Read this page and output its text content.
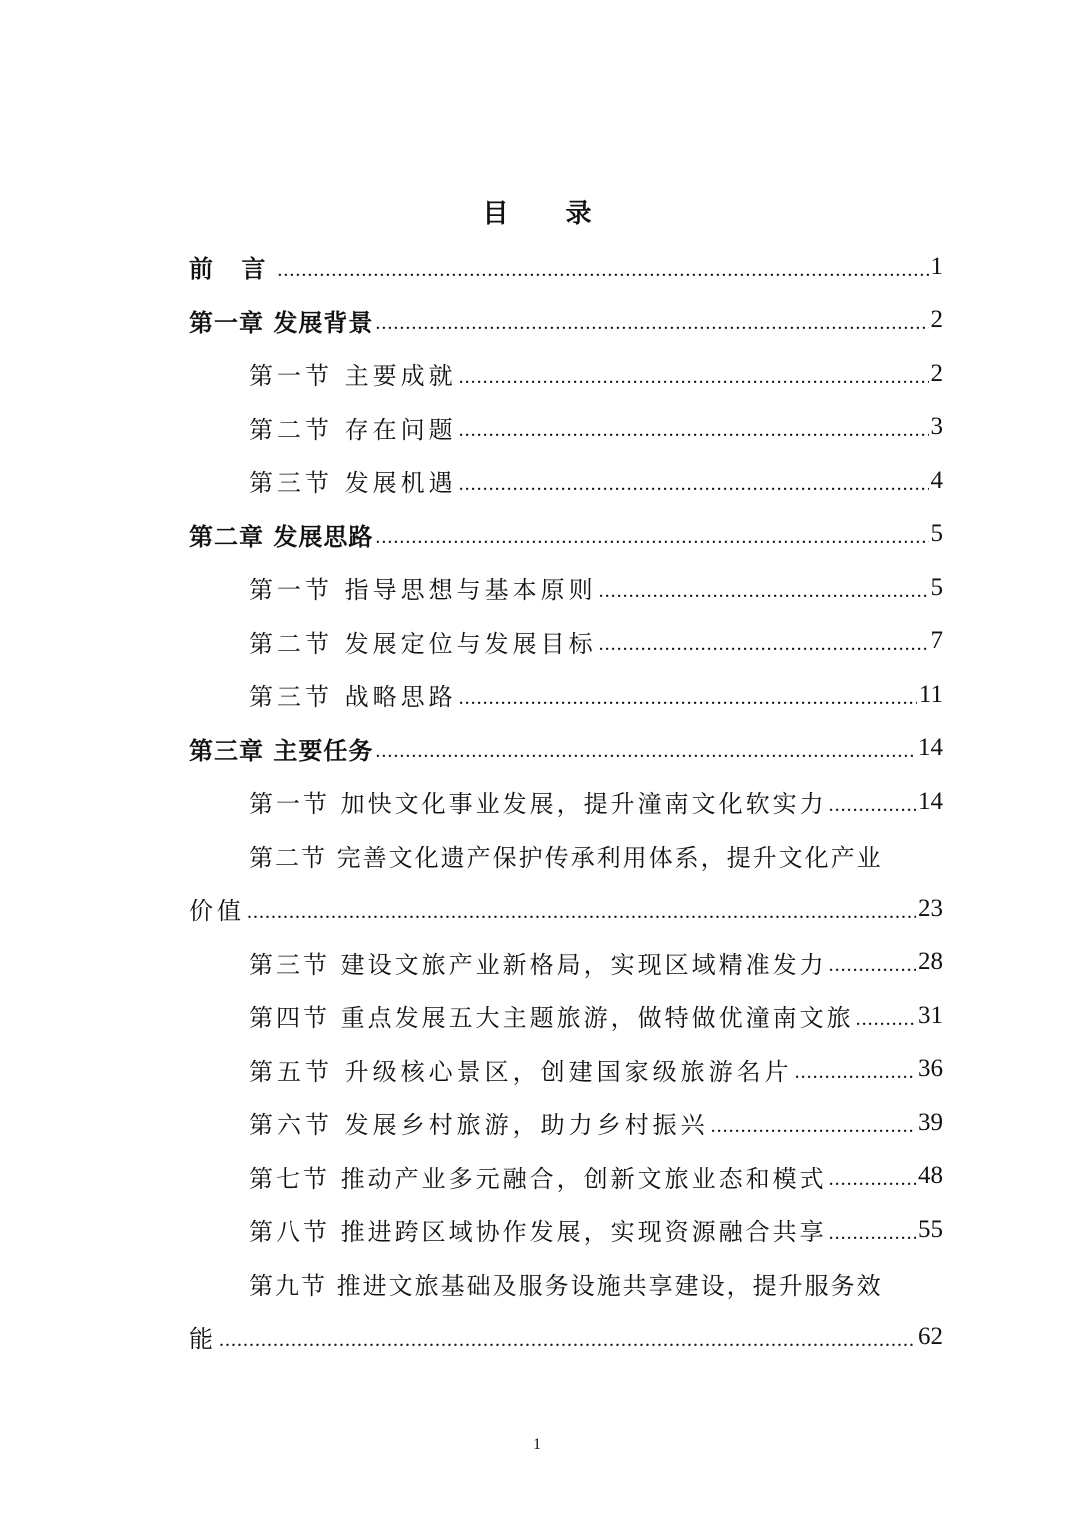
目 录
前 言 .....	1
第一章 发展背景 .....	2
第一节 主要成就 .....	2
第二节 存在问题 .....	3
第三节 发展机遇 .....	4
第二章 发展思路 .....	5
第一节 指导思想与基本原则 .....	5
第二节 发展定位与发展目标 .....	7
第三节 战略思路 .....	11
第三章 主要任务 .....	14
第一节 加快文化事业发展，提升潼南文化软实力 .....	14
第二节 完善文化遗产保护传承利用体系，提升文化产业
价值 .....	23
第三节 建设文旅产业新格局，实现区域精准发力 .....	28
第四节 重点发展五大主题旅游，做特做优潼南文旅 .....	31
第五节 升级核心景区，创建国家级旅游名片 .....	36
第六节 发展乡村旅游，助力乡村振兴 .....	39
第七节 推动产业多元融合，创新文旅业态和模式 .....	48
第八节 推进跨区域协作发展，实现资源融合共享 .....	55
第九节 推进文旅基础及服务设施共享建设，提升服务效
能 .....	62
1
